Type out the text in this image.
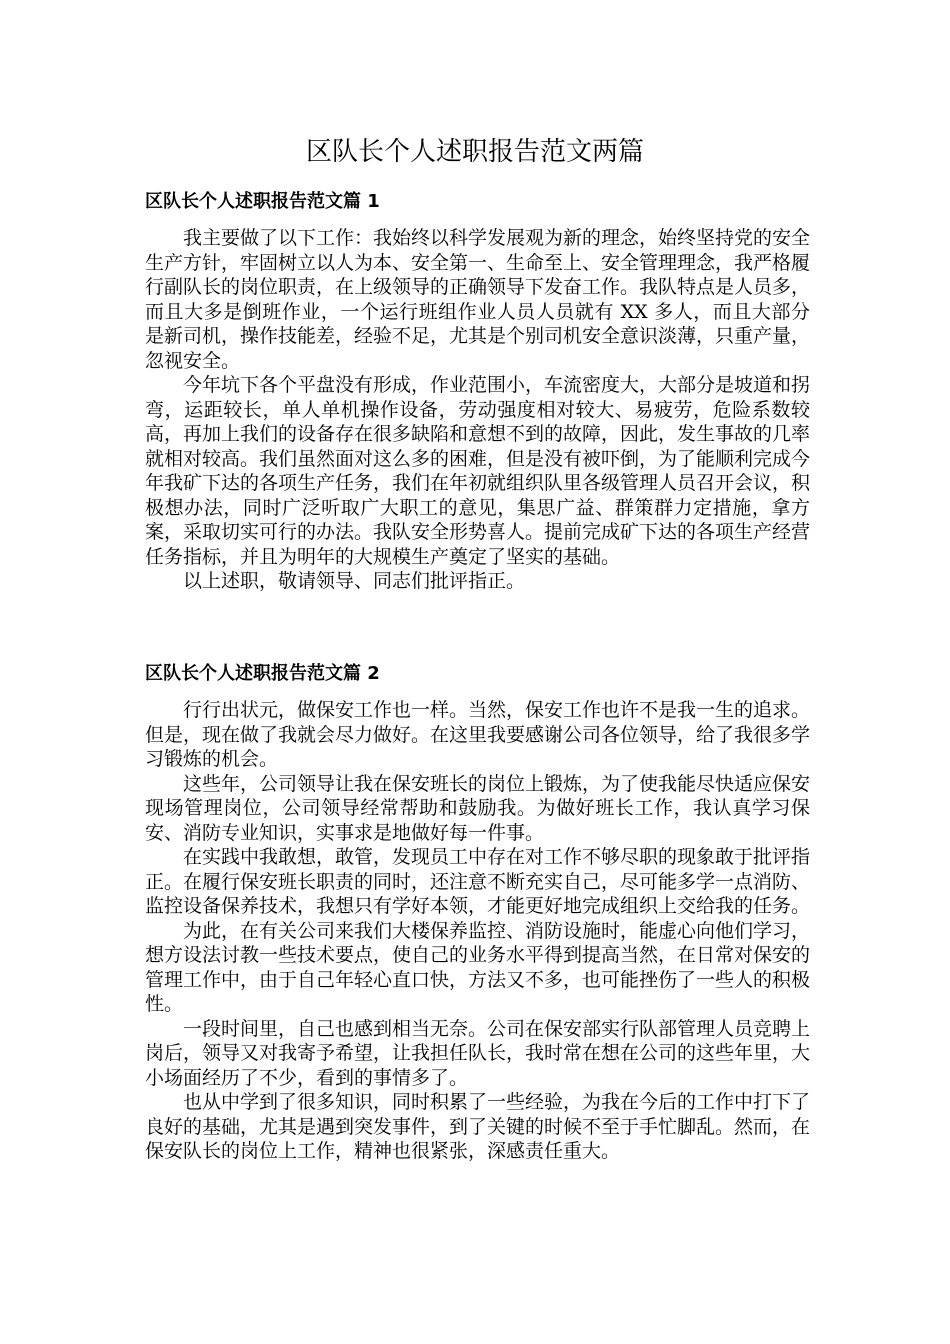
区队长个人述职报告范文两篇
区队长个人述职报告范文篇 1

我主要做了以下工作：我始终以科学发展观为新的理念，始终坚持党的安全生产方针，牢固树立以人为本、安全第一、生命至上、安全管理理念，我严格履行副队长的岗位职责，在上级领导的正确领导下发奋工作。我队特点是人员多，而且大多是倒班作业，一个运行班组作业人员人员就有 XX 多人，而且大部分是新司机，操作技能差，经验不足，尤其是个别司机安全意识淡薄，只重产量，忽视安全。

今年坑下各个平盘没有形成，作业范围小，车流密度大，大部分是坡道和拐弯，运距较长，单人单机操作设备，劳动强度相对较大、易疲劳，危险系数较高，再加上我们的设备存在很多缺陷和意想不到的故障，因此，发生事故的几率就相对较高。我们虽然面对这么多的困难，但是没有被吓倒，为了能顺利完成今年我矿下达的各项生产任务，我们在年初就组织队里各级管理人员召开会议，积极想办法，同时广泛听取广大职工的意见，集思广益、群策群力定措施，拿方案，采取切实可行的办法。我队安全形势喜人。提前完成矿下达的各项生产经营任务指标，并且为明年的大规模生产奠定了坚实的基础。

以上述职，敬请领导、同志们批评指正。

区队长个人述职报告范文篇 2

行行出状元，做保安工作也一样。当然，保安工作也许不是我一生的追求。但是，现在做了我就会尽力做好。在这里我要感谢公司各位领导，给了我很多学习锻炼的机会。

这些年，公司领导让我在保安班长的岗位上锻炼，为了使我能尽快适应保安现场管理岗位，公司领导经常帮助和鼓励我。为做好班长工作，我认真学习保安、消防专业知识，实事求是地做好每一件事。

在实践中我敢想，敢管，发现员工中存在对工作不够尽职的现象敢于批评指正。在履行保安班长职责的同时，还注意不断充实自己，尽可能多学一点消防、监控设备保养技术，我想只有学好本领，才能更好地完成组织上交给我的任务。

为此，在有关公司来我们大楼保养监控、消防设施时，能虚心向他们学习，想方设法讨教一些技术要点，使自己的业务水平得到提高当然，在日常对保安的管理工作中，由于自己年轻心直口快，方法又不多，也可能挫伤了一些人的积极性。

一段时间里，自己也感到相当无奈。公司在保安部实行队部管理人员竞聘上岗后，领导又对我寄予希望，让我担任队长，我时常在想在公司的这些年里，大小场面经历了不少，看到的事情多了。

也从中学到了很多知识，同时积累了一些经验，为我在今后的工作中打下了良好的基础，尤其是遇到突发事件，到了关键的时候不至于手忙脚乱。然而，在保安队长的岗位上工作，精神也很紧张，深感责任重大。
